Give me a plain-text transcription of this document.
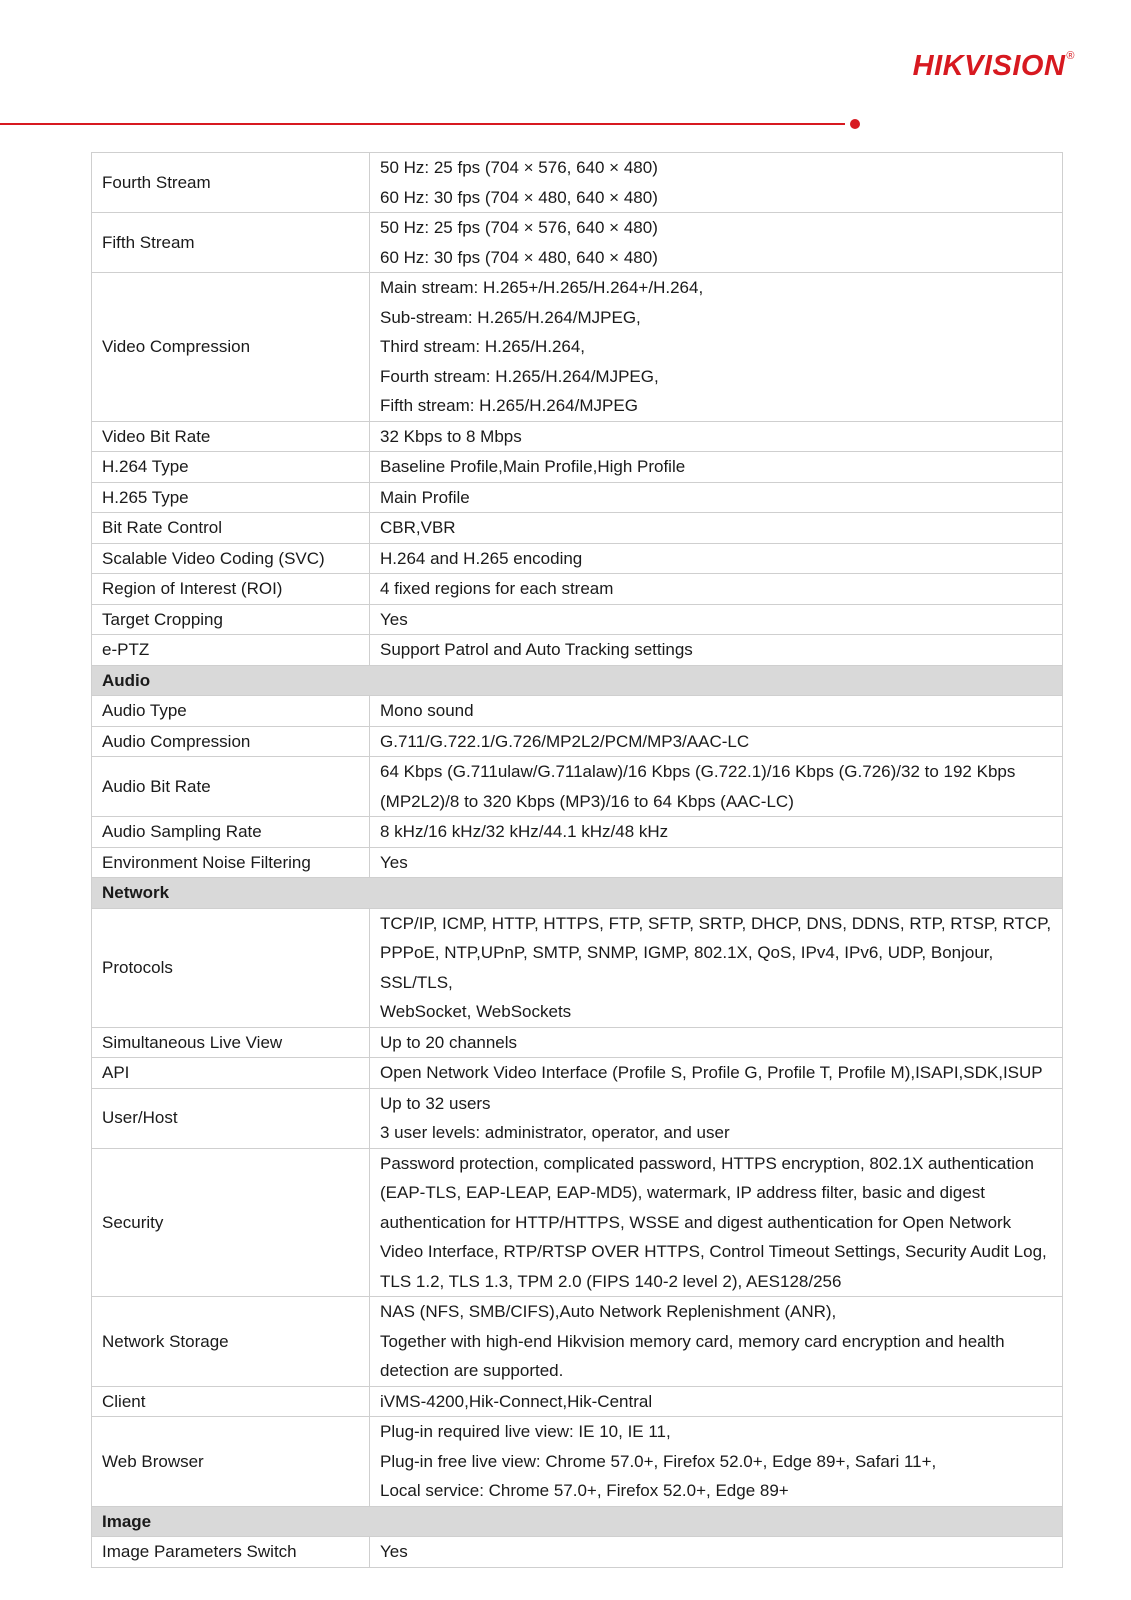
HIKVISION®
Fourth Stream	50 Hz: 25 fps (704 × 576, 640 × 480)
60 Hz: 30 fps (704 × 480, 640 × 480)

Fifth Stream	50 Hz: 25 fps (704 × 576, 640 × 480)
60 Hz: 30 fps (704 × 480, 640 × 480)

Video Compression	Main stream: H.265+/H.265/H.264+/H.264,
Sub-stream: H.265/H.264/MJPEG,
Third stream: H.265/H.264,
Fourth stream: H.265/H.264/MJPEG,
Fifth stream: H.265/H.264/MJPEG

Video Bit Rate	32 Kbps to 8 Mbps

H.264 Type	Baseline Profile,Main Profile,High Profile

H.265 Type	Main Profile

Bit Rate Control	CBR,VBR

Scalable Video Coding (SVC)	H.264 and H.265 encoding

Region of Interest (ROI)	4 fixed regions for each stream

Target Cropping	Yes

e-PTZ	Support Patrol and Auto Tracking settings

Audio	
Audio Type	Mono sound

Audio Compression	G.711/G.722.1/G.726/MP2L2/PCM/MP3/AAC-LC

Audio Bit Rate	64 Kbps (G.711ulaw/G.711alaw)/16 Kbps (G.722.1)/16 Kbps (G.726)/32 to 192 Kbps
(MP2L2)/8 to 320 Kbps (MP3)/16 to 64 Kbps (AAC-LC)

Audio Sampling Rate	8 kHz/16 kHz/32 kHz/44.1 kHz/48 kHz

Environment Noise Filtering	Yes

Network	
Protocols	TCP/IP, ICMP, HTTP, HTTPS, FTP, SFTP, SRTP, DHCP, DNS, DDNS, RTP, RTSP, RTCP,
PPPoE, NTP,UPnP, SMTP, SNMP, IGMP, 802.1X, QoS, IPv4, IPv6, UDP, Bonjour, SSL/TLS,
WebSocket, WebSockets

Simultaneous Live View	Up to 20 channels

API	Open Network Video Interface (Profile S, Profile G, Profile T, Profile M),ISAPI,SDK,ISUP

User/Host	Up to 32 users
3 user levels: administrator, operator, and user

Security	Password protection, complicated password, HTTPS encryption, 802.1X authentication
(EAP-TLS, EAP-LEAP, EAP-MD5), watermark, IP address filter, basic and digest
authentication for HTTP/HTTPS, WSSE and digest authentication for Open Network
Video Interface, RTP/RTSP OVER HTTPS, Control Timeout Settings, Security Audit Log,
TLS 1.2, TLS 1.3, TPM 2.0 (FIPS 140-2 level 2), AES128/256

Network Storage	NAS (NFS, SMB/CIFS),Auto Network Replenishment (ANR),
Together with high-end Hikvision memory card, memory card encryption and health
detection are supported.

Client	iVMS-4200,Hik-Connect,Hik-Central

Web Browser	Plug-in required live view: IE 10, IE 11,
Plug-in free live view: Chrome 57.0+, Firefox 52.0+, Edge 89+, Safari 11+,
Local service: Chrome 57.0+, Firefox 52.0+, Edge 89+

Image	
Image Parameters Switch	Yes
